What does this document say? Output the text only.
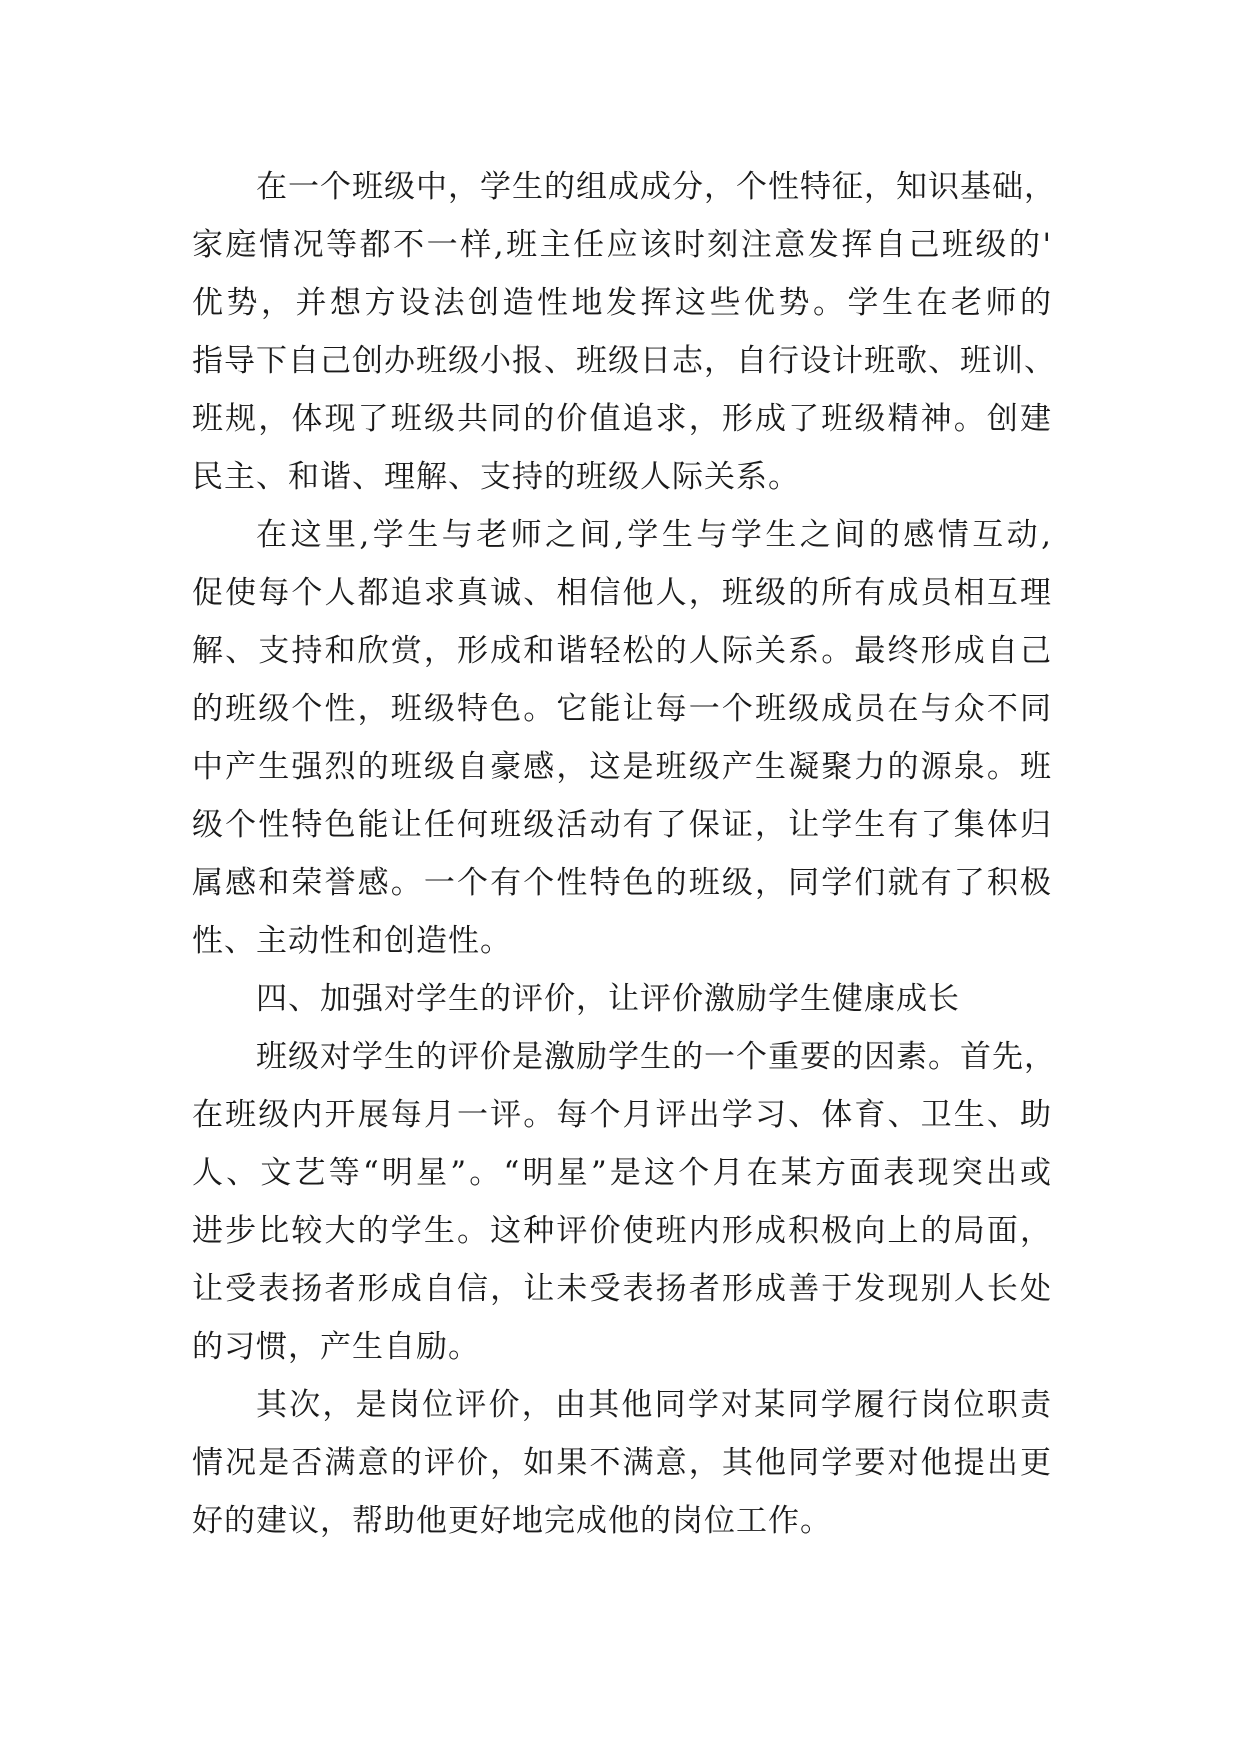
在一个班级中，学生的组成成分，个性特征，知识基础，
家庭情况等都不一样,班主任应该时刻注意发挥自己班级的'
优势，并想方设法创造性地发挥这些优势。学生在老师的
指导下自己创办班级小报、班级日志，自行设计班歌、班训、
班规，体现了班级共同的价值追求，形成了班级精神。创建
民主、和谐、理解、支持的班级人际关系。
在这里,学生与老师之间,学生与学生之间的感情互动,
促使每个人都追求真诚、相信他人，班级的所有成员相互理
解、支持和欣赏，形成和谐轻松的人际关系。最终形成自己
的班级个性，班级特色。它能让每一个班级成员在与众不同
中产生强烈的班级自豪感，这是班级产生凝聚力的源泉。班
级个性特色能让任何班级活动有了保证，让学生有了集体归
属感和荣誉感。一个有个性特色的班级，同学们就有了积极
性、主动性和创造性。
四、加强对学生的评价，让评价激励学生健康成长
班级对学生的评价是激励学生的一个重要的因素。首先，
在班级内开展每月一评。每个月评出学习、体育、卫生、助
人、文艺等“明星”。“明星”是这个月在某方面表现突出或
进步比较大的学生。这种评价使班内形成积极向上的局面，
让受表扬者形成自信，让未受表扬者形成善于发现别人长处
的习惯，产生自励。
其次，是岗位评价，由其他同学对某同学履行岗位职责
情况是否满意的评价，如果不满意，其他同学要对他提出更
好的建议，帮助他更好地完成他的岗位工作。
